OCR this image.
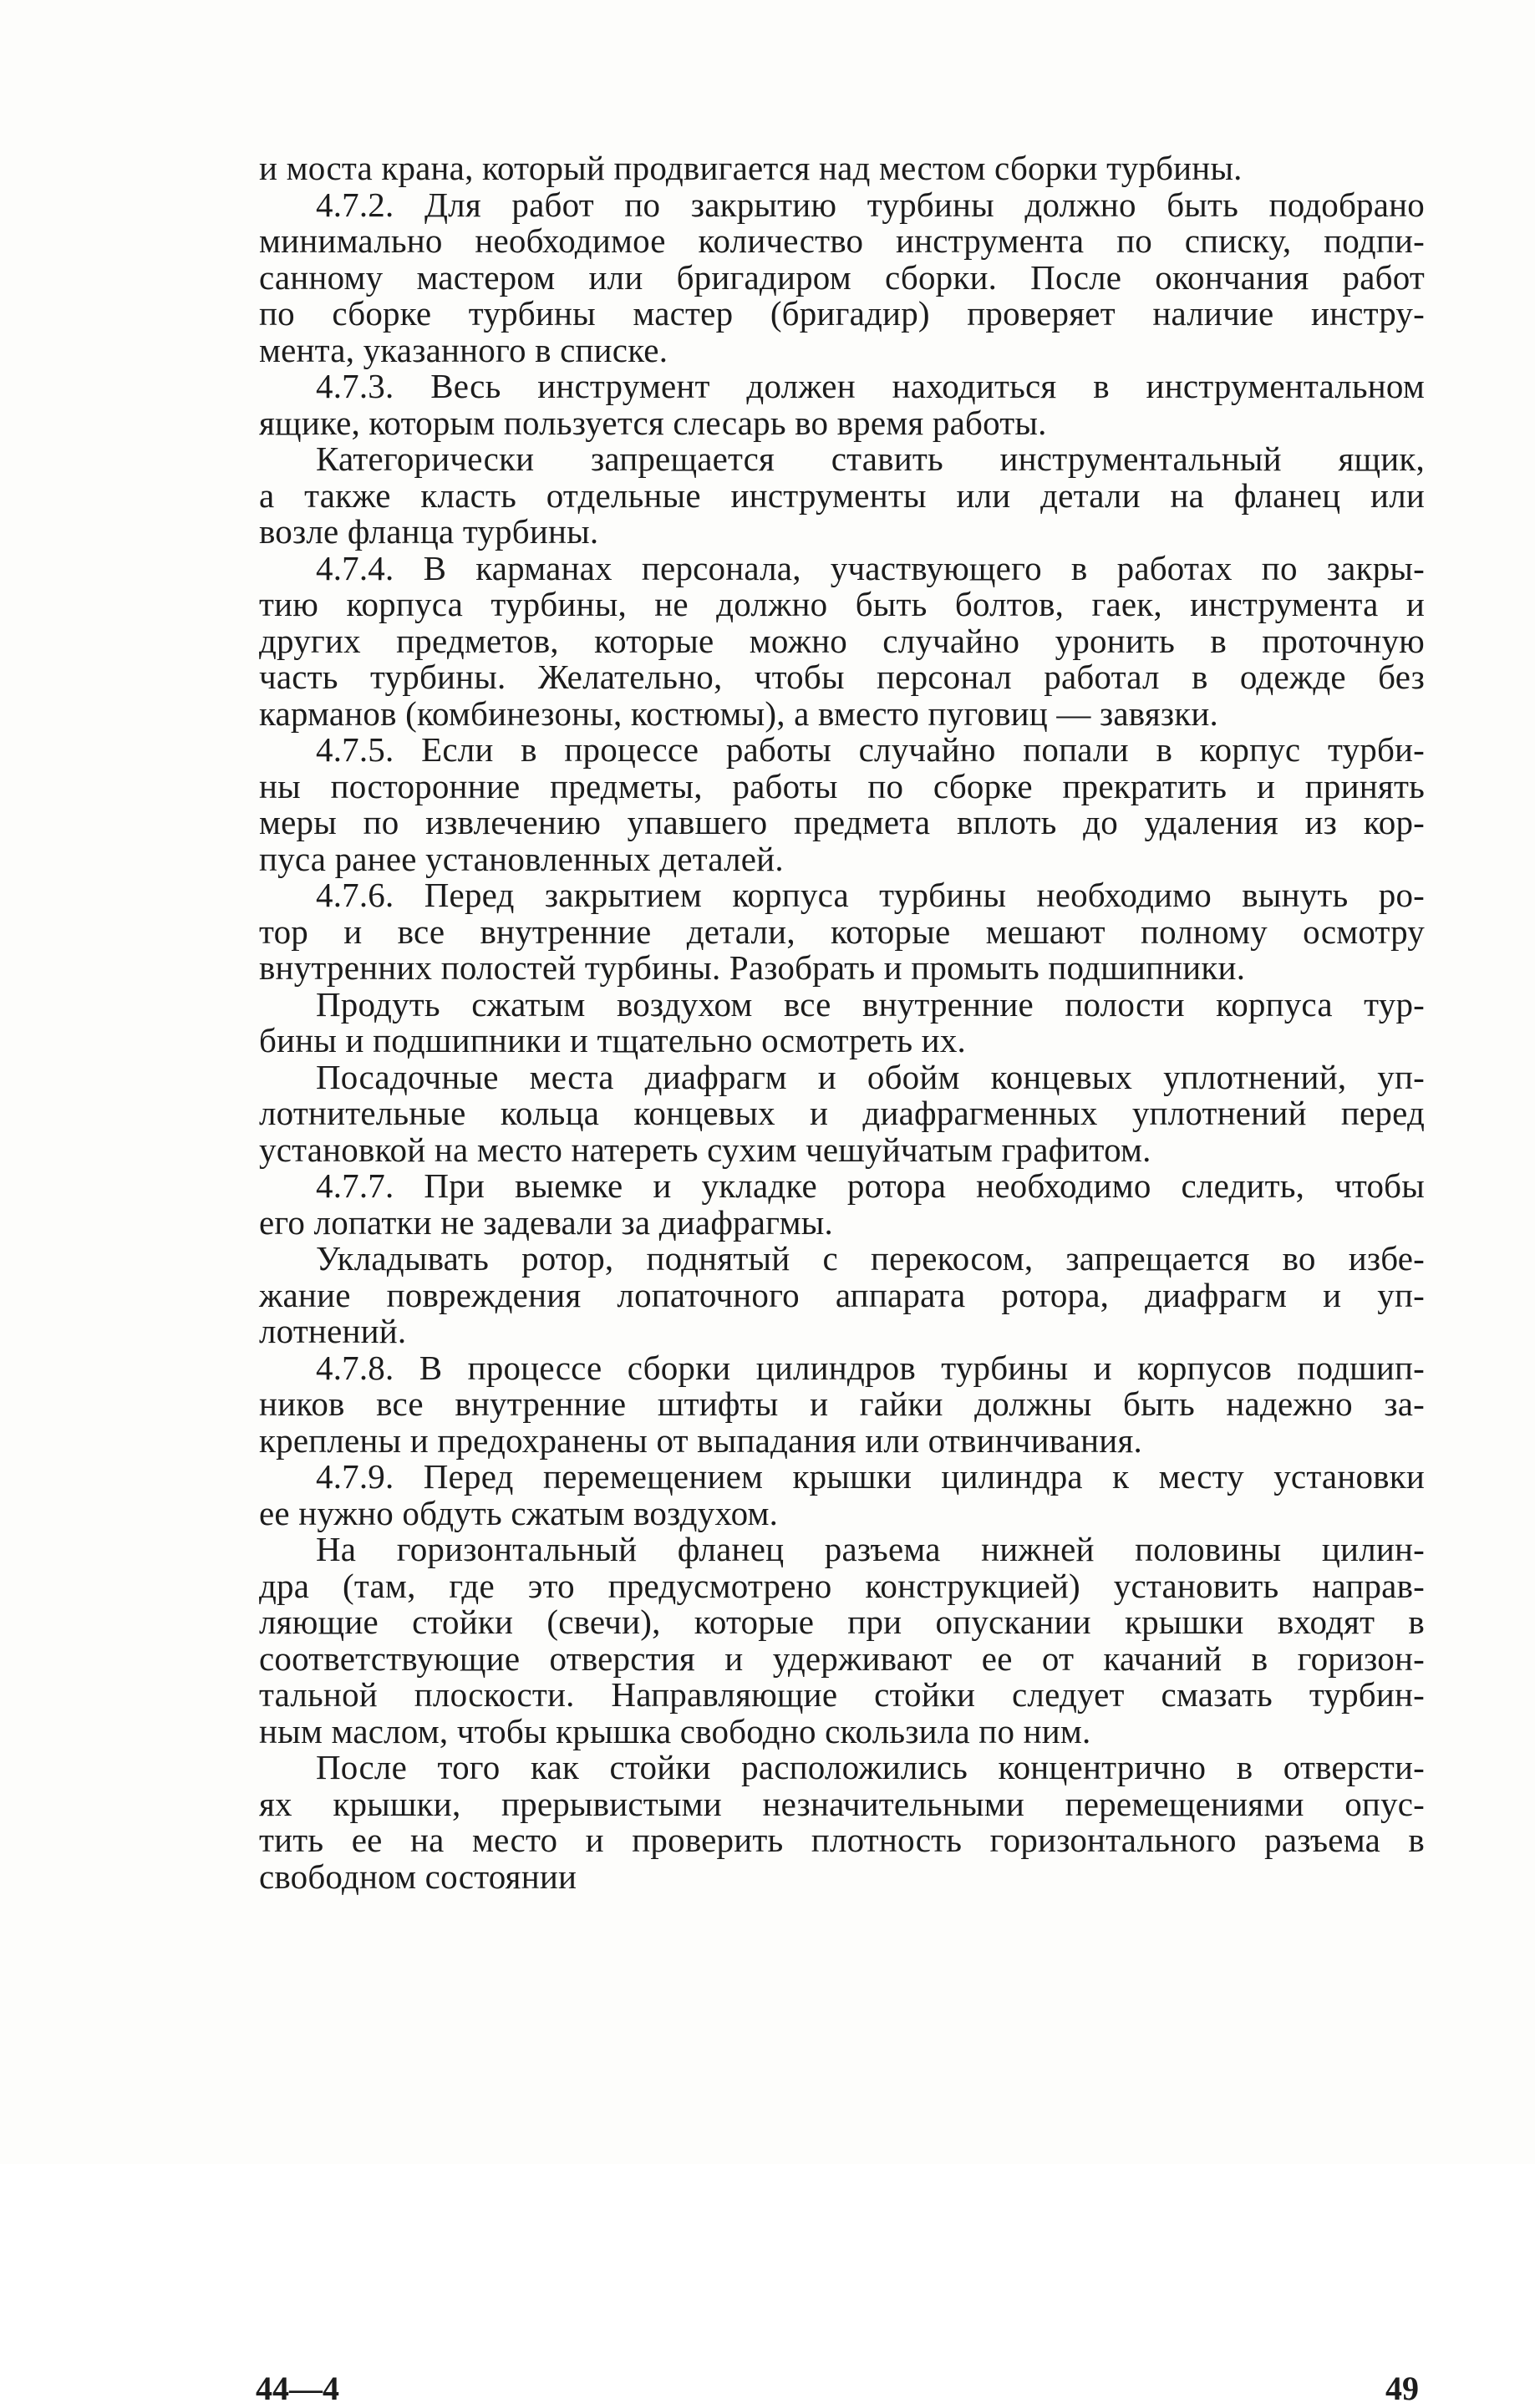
и моста крана, который продвигается над местом сборки турбины.
4.7.2. Для работ по закрытию турбины должно быть подобрано
минимально необходимое количество инструмента по списку, подпи-
санному мастером или бригадиром сборки. После окончания работ
по сборке турбины мастер (бригадир) проверяет наличие инстру-
мента, указанного в списке.
4.7.3. Весь инструмент должен находиться в инструментальном
ящике, которым пользуется слесарь во время работы.
Категорически запрещается ставить инструментальный ящик,
а также класть отдельные инструменты или детали на фланец или
возле фланца турбины.
4.7.4. В карманах персонала, участвующего в работах по закры-
тию корпуса турбины, не должно быть болтов, гаек, инструмента и
других предметов, которые можно случайно уронить в проточную
часть турбины. Желательно, чтобы персонал работал в одежде без
карманов (комбинезоны, костюмы), а вместо пуговиц — завязки.
4.7.5. Если в процессе работы случайно попали в корпус турби-
ны посторонние предметы, работы по сборке прекратить и принять
меры по извлечению упавшего предмета вплоть до удаления из кор-
пуса ранее установленных деталей.
4.7.6. Перед закрытием корпуса турбины необходимо вынуть ро-
тор и все внутренние детали, которые мешают полному осмотру
внутренних полостей турбины. Разобрать и промыть подшипники.
Продуть сжатым воздухом все внутренние полости корпуса тур-
бины и подшипники и тщательно осмотреть их.
Посадочные места диафрагм и обойм концевых уплотнений, уп-
лотнительные кольца концевых и диафрагменных уплотнений перед
установкой на место натереть сухим чешуйчатым графитом.
4.7.7. При выемке и укладке ротора необходимо следить, чтобы
его лопатки не задевали за диафрагмы.
Укладывать ротор, поднятый с перекосом, запрещается во избе-
жание повреждения лопаточного аппарата ротора, диафрагм и уп-
лотнений.
4.7.8. В процессе сборки цилиндров турбины и корпусов подшип-
ников все внутренние штифты и гайки должны быть надежно за-
креплены и предохранены от выпадания или отвинчивания.
4.7.9. Перед перемещением крышки цилиндра к месту установки
ее нужно обдуть сжатым воздухом.
На горизонтальный фланец разъема нижней половины цилин-
дра (там, где это предусмотрено конструкцией) установить направ-
ляющие стойки (свечи), которые при опускании крышки входят в
соответствующие отверстия и удерживают ее от качаний в горизон-
тальной плоскости. Направляющие стойки следует смазать турбин-
ным маслом, чтобы крышка свободно скользила по ним.
После того как стойки расположились концентрично в отверсти-
ях крышки, прерывистыми незначительными перемещениями опус-
тить ее на место и проверить плотность горизонтального разъема в
свободном состоянии
44—4	49
